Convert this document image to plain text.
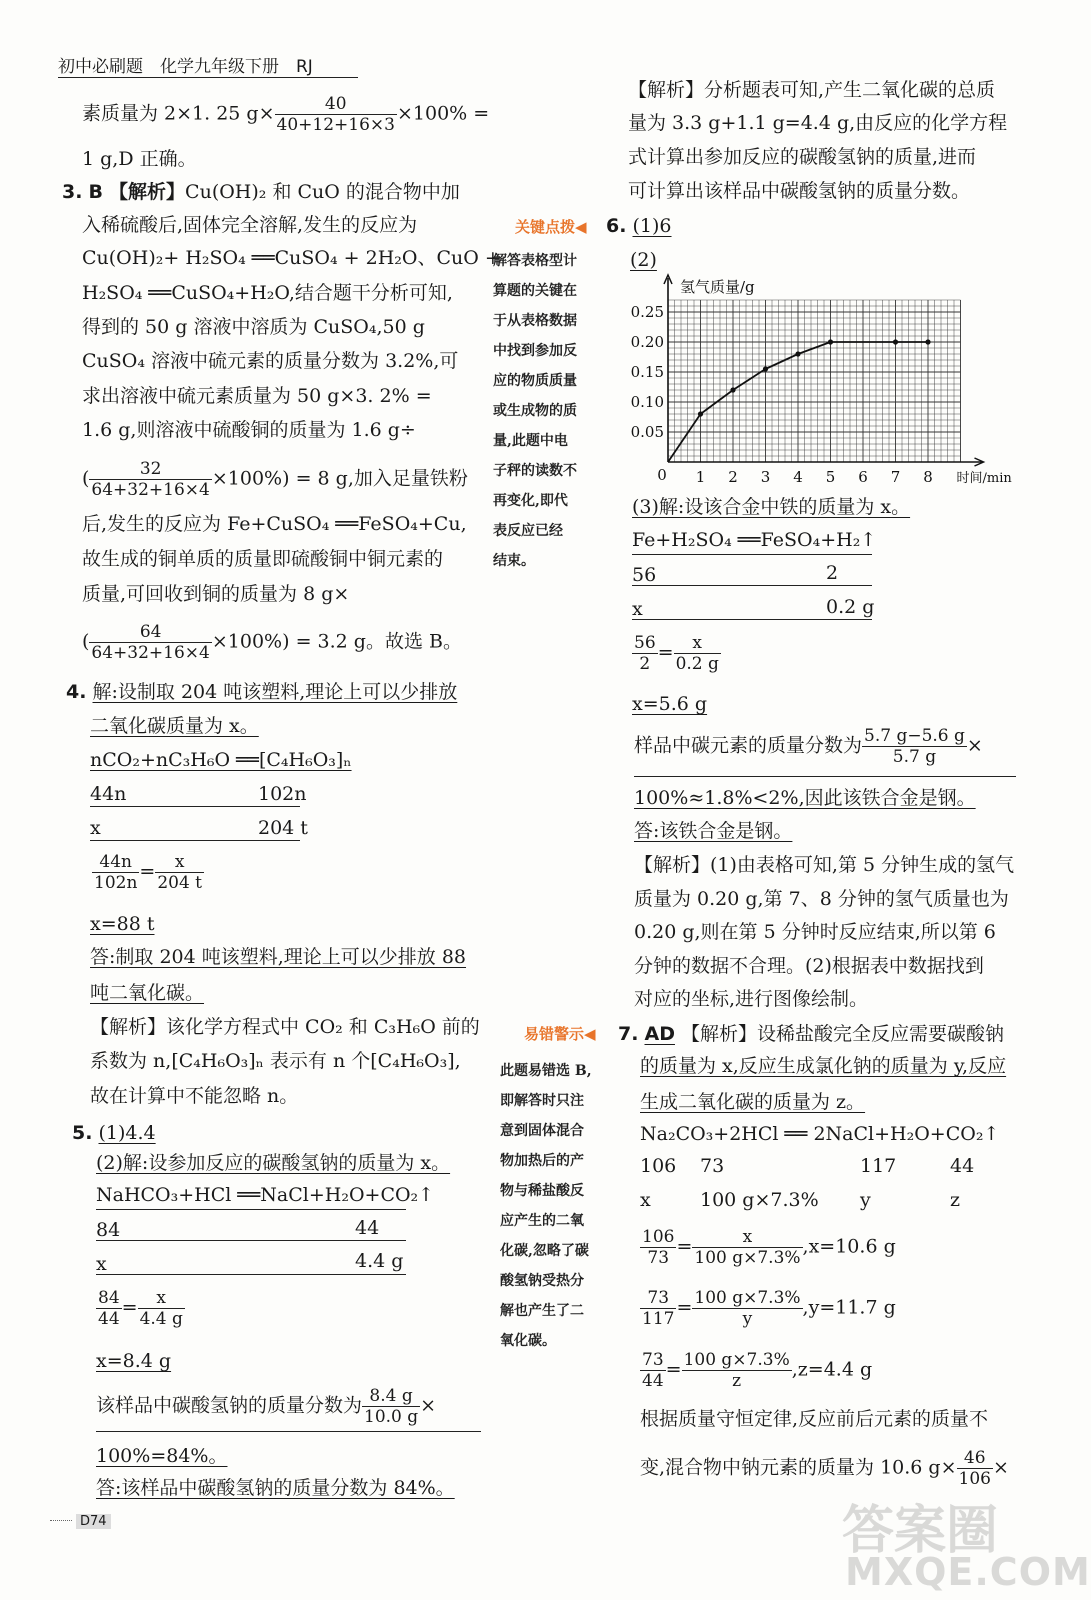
初中必刷题　化学九年级下册　RJ
素质量为 2×1. 25 $g\times \frac{40}{40+12+16\times 3} \times 100\%$ =
1 g,D 正确。
3. B 【解析】Cu(OH)₂ 和 CuO 的混合物中加
入稀硫酸后,固体完全溶解,发生的反应为
Cu(OH)₂+ H₂SO₄ ══CuSO₄ + 2H₂O、CuO +
H₂SO₄ ══CuSO₄+H₂O,结合题干分析可知,
得到的 50 g 溶液中溶质为 CuSO₄,50 g
CuSO₄ 溶液中硫元素的质量分数为 3.2%,可
求出溶液中硫元素质量为 50 g×3. 2% =
1.6 g,则溶液中硫酸铜的质量为 1.6 g÷
( $\frac{32}{64+32+16\times 4} \times 100\%) = 8$ g,加入足量铁粉
后,发生的反应为 Fe+CuSO₄ ══FeSO₄+Cu,
故生成的铜单质的质量即硫酸铜中铜元素的
质量,可回收到铜的质量为 8 g×
( $\frac{64}{64+32+16\times 4} \times 100\%) = 3.2$ g。故选 B。
4. 解:设制取 204 吨该塑料,理论上可以少排放
二氧化碳质量为 x。
nCO₂+nC₃H₆O ══[C₄H₆O₃]ₙ
44n	102n
x	204 t
$\frac{44n}{102n} = \frac{x}{204 t}$
x=88 t
答:制取 204 吨该塑料,理论上可以少排放 88
吨二氧化碳。
【解析】该化学方程式中 CO₂ 和 C₃H₆O 前的
系数为 n,[C₄H₆O₃]ₙ 表示有 n 个[C₄H₆O₃],
故在计算中不能忽略 n。
5. (1)4.4
(2)解:设参加反应的碳酸氢钠的质量为 x。
NaHCO₃+HCl ══NaCl+H₂O+CO₂↑
84	44
x	4.4 g
$\frac{84}{44} = \frac{x}{4.4 g}$
x=8.4 g
该样品中碳酸氢钠的质量分数为 $\frac{8.4 g}{10.0 g}$ ×
100%=84%。
答:该样品中碳酸氢钠的质量分数为 84%。
D74
关键点拨◀
解答表格型计
算题的关键在
于从表格数据
中找到参加反
应的物质质量
或生成物的质
量,此题中电
子秤的读数不
再变化,即代
表反应已经
结束。
易错警示◀
此题易错选 B,
即解答时只注
意到固体混合
物加热后的产
物与稀盐酸反
应产生的二氧
化碳,忽略了碳
酸氢钠受热分
解也产生了二
氧化碳。
【解析】分析题表可知,产生二氧化碳的总质
量为 3.3 g+1.1 g=4.4 g,由反应的化学方程
式计算出参加反应的碳酸氢钠的质量,进而
可计算出该样品中碳酸氢钠的质量分数。
6. (1)6
(2)
氢气质量/g
时间/min
0 1 2 3 4 5 6 7 8
0.05
0.10
0.15
0.20
0.25
(3)解:设该合金中铁的质量为 x。
Fe+H₂SO₄ ══FeSO₄+H₂↑
56	2
x	0.2 g
$\frac{56}{2} = \frac{x}{0.2 g}$
x=5.6 g
样品中碳元素的质量分数为 $\frac{5.7 g-5.6 g}{5.7 g}$ ×
100%≈1.8%<2%,因此该铁合金是钢。
答:该铁合金是钢。
【解析】(1)由表格可知,第 5 分钟生成的氢气
质量为 0.20 g,第 7、8 分钟的氢气质量也为
0.20 g,则在第 5 分钟时反应结束,所以第 6
分钟的数据不合理。(2)根据表中数据找到
对应的坐标,进行图像绘制。
7. AD 【解析】设稀盐酸完全反应需要碳酸钠
的质量为 x,反应生成氯化钠的质量为 y,反应
生成二氧化碳的质量为 z。
Na₂CO₃+2HCl ══ 2NaCl+H₂O+CO₂↑
106 73	117	44
x	100 g×7.3% y	z
$\frac{106}{73} = \frac{x}{100 g\times 7.3\%} ,x=10.6$ g
$\frac{73}{117} = \frac{100 g\times 7.3\%}{y} ,y=11.7$ g
$\frac{73}{44} = \frac{100 g\times 7.3\%}{z} ,z=4.4$ g
根据质量守恒定律,反应前后元素的质量不
变,混合物中钠元素的质量为 10.6 $g\times \frac{46}{106}$ ×
答案圈
MXQE.COM
